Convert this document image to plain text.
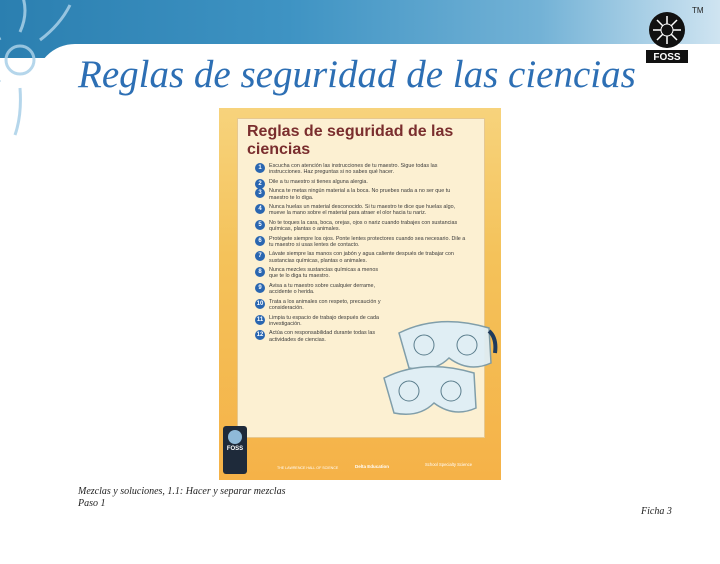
FOSS
TM
Reglas de seguridad de las ciencias
Reglas de seguridad de las ciencias
1	Escucha con atención las instrucciones de tu maestro. Sigue todas las instrucciones. Haz preguntas si no sabes qué hacer.
2	Dile a tu maestro si tienes alguna alergia.
3	Nunca te metas ningún material a la boca. No pruebes nada a no ser que tu maestro te lo diga.
4	Nunca huelas un material desconocido. Si tu maestro te dice que huelas algo, mueve la mano sobre el material para atraer el olor hacia tu nariz.
5	No te toques la cara, boca, orejas, ojos o nariz cuando trabajes con sustancias químicas, plantas o animales.
6	Protégete siempre los ojos. Ponte lentes protectores cuando sea necesario. Dile a tu maestro si usas lentes de contacto.
7	Lávate siempre las manos con jabón y agua caliente después de trabajar con sustancias químicas, plantas o animales.
8	Nunca mezcles sustancias químicas a menos que te lo diga tu maestro.
9	Avisa a tu maestro sobre cualquier derrame, accidente o herida.
10	Trata a los animales con respeto, precaución y consideración.
11	Limpia tu espacio de trabajo después de cada investigación.
12	Actúa con responsabilidad durante todas las actividades de ciencias.
FOSS
THE LAWRENCE HALL OF SCIENCE	Delta Education	School Specialty Science
Mezclas y soluciones, 1.1: Hacer y separar mezclas
Paso 1
Ficha 3
